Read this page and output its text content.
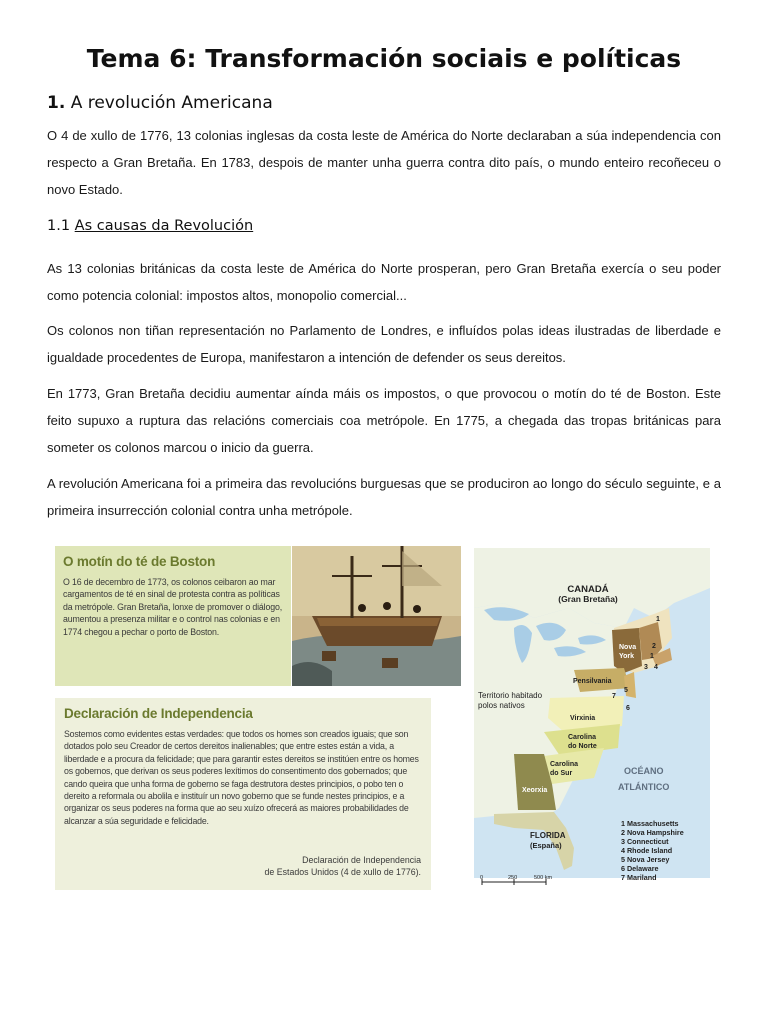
Tema 6: Transformación sociais e políticas
1. A revolución Americana

O 4 de xullo de 1776, 13 colonias inglesas da costa leste de América do Norte declaraban a súa independencia con respecto a Gran Bretaña. En 1783, despois de manter unha guerra contra dito país, o mundo enteiro recoñeceu o novo Estado.

1.1 As causas da Revolución

As 13 colonias británicas da costa leste de América do Norte prosperan, pero Gran Bretaña exercía o seu poder como potencia colonial: impostos altos, monopolio comercial...

Os colonos non tiñan representación no Parlamento de Londres, e influídos polas ideas ilustradas de liberdade e igualdade procedentes de Europa, manifestaron a intención de defender os seus dereitos.

En 1773, Gran Bretaña decidiu aumentar aínda máis os impostos, o que provocou o motín do té de Boston. Este feito supuxo a ruptura das relacións comerciais coa metrópole. En 1775, a chegada das tropas británicas para someter os colonos marcou o inicio da guerra.

A revolución Americana foi a primeira das revolucións burguesas que se produciron ao longo do século seguinte, e a primeira insurrección colonial contra unha metrópole.

O motín do té de Boston

O 16 de decembro de 1773, os colonos ceibaron ao mar cargamentos de té en sinal de protesta contra as políticas da metrópole. Gran Bretaña, lonxe de promover o diálogo, aumentou a presenza militar e o control nas colonias e en 1774 chegou a pechar o porto de Boston.

Declaración de Independencia

Sostemos como evidentes estas verdades: que todos os homes son creados iguais; que son dotados polo seu Creador de certos dereitos inalienables; que entre estes están a vida, a liberdade e a procura da felicidade; que para garantir estes dereitos se institúen entre os homes os gobernos, que derivan os seus poderes lexítimos do consentimento dos gobernados; que cando queira que unha forma de goberno se faga destrutora destes principios, o pobo ten o dereito a reformala ou abolila e instituír un novo goberno que se funde nestes principios, e a organizar os seus poderes na forma que ao seu xuízo ofrecerá as maiores probabilidades de alcanzar a súa seguridade e felicidade.

Declaración de Independencia
de Estados Unidos (4 de xullo de 1776).

CANADÁ
(Gran Bretaña)
Territorio habitado
polos nativos
Nova
York
Pensilvania
Virxinia
Carolina
do Norte
Carolina
do Sur
Xeorxia
1
2
1
3 4
5
6
7
OCÉANO
ATLÁNTICO
FLORIDA
(España)
1 Massachusetts
2 Nova Hampshire
3 Connecticut
4 Rhode Island
5 Nova Jersey
6 Delaware
7 Mariland
0	250	500 km
